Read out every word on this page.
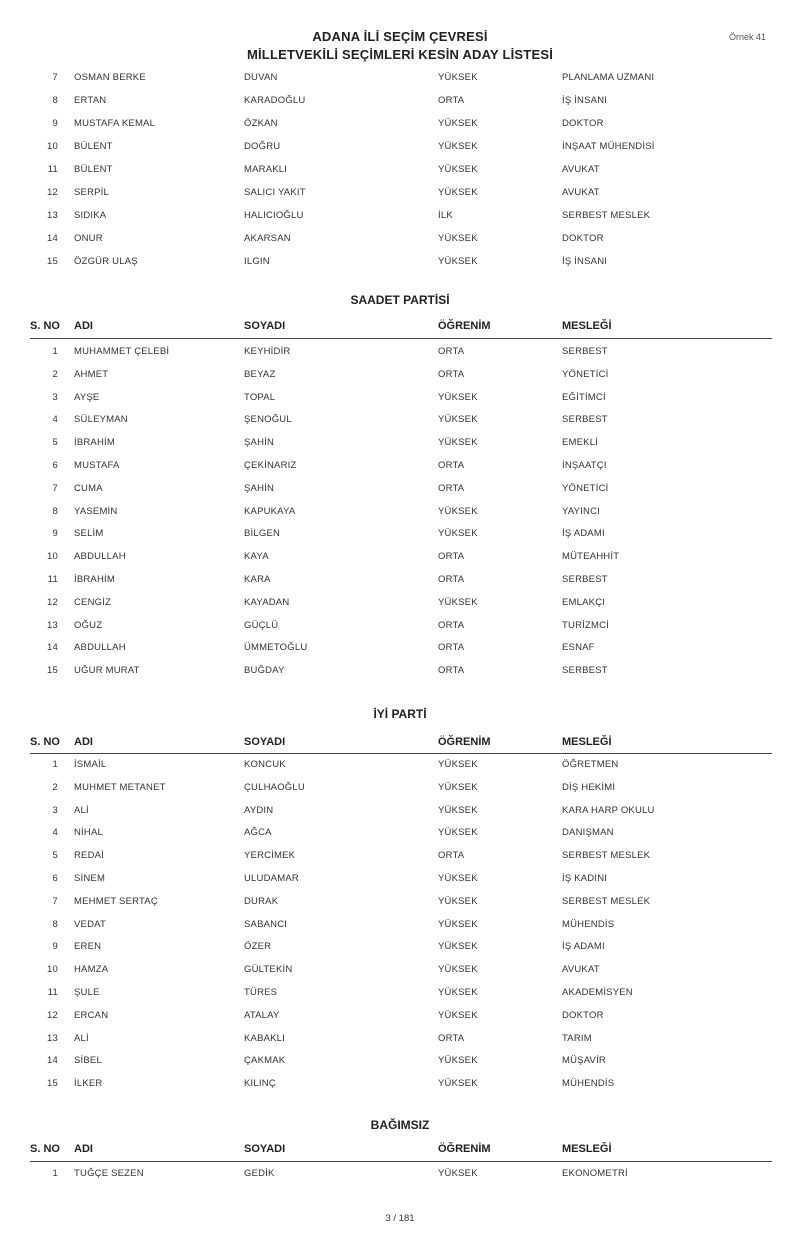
ADANA İLİ SEÇİM ÇEVRESİ
MİLLETVEKİLİ SEÇİMLERİ KESİN ADAY LİSTESİ
Örnek 41
7 OSMAN BERKE	DUVAN	YÜKSEK	PLANLAMA UZMANI
8 ERTAN	KARADOĞLU	ORTA	İŞ İNSANI
9 MUSTAFA KEMAL	ÖZKAN	YÜKSEK	DOKTOR
10 BÜLENT	DOĞRU	YÜKSEK	İNŞAAT MÜHENDİSİ
11 BÜLENT	MARAKLI	YÜKSEK	AVUKAT
12 SERPİL	SALICI YAKIT	YÜKSEK	AVUKAT
13 SIDIKA	HALICIOĞLU	İLK	SERBEST MESLEK
14 ONUR	AKARSAN	YÜKSEK	DOKTOR
15 ÖZGÜR ULAŞ	ILGIN	YÜKSEK	İŞ İNSANI
SAADET PARTİSİ
S. NO ADI	SOYADI	ÖĞRENİM	MESLEĞİ
1 MUHAMMET ÇELEBİ	KEYHİDİR	ORTA	SERBEST
2 AHMET	BEYAZ	ORTA	YÖNETİCİ
3 AYŞE	TOPAL	YÜKSEK	EĞİTİMCİ
4 SÜLEYMAN	ŞENOĞUL	YÜKSEK	SERBEST
5 İBRAHİM	ŞAHİN	YÜKSEK	EMEKLİ
6 MUSTAFA	ÇEKİNARIZ	ORTA	İNŞAATÇI
7 CUMA	ŞAHİN	ORTA	YÖNETİCİ
8 YASEMİN	KAPUKAYA	YÜKSEK	YAYINCI
9 SELİM	BİLGEN	YÜKSEK	İŞ ADAMI
10 ABDULLAH	KAYA	ORTA	MÜTEAHHİT
11 İBRAHİM	KARA	ORTA	SERBEST
12 CENGİZ	KAYADAN	YÜKSEK	EMLAKÇI
13 OĞUZ	GÜÇLÜ	ORTA	TURİZMCİ
14 ABDULLAH	ÜMMETOĞLU	ORTA	ESNAF
15 UĞUR MURAT	BUĞDAY	ORTA	SERBEST
İYİ PARTİ
S. NO ADI	SOYADI	ÖĞRENİM	MESLEĞİ
1 İSMAİL	KONCUK	YÜKSEK	ÖĞRETMEN
2 MUHMET METANET	ÇULHAOĞLU	YÜKSEK	DİŞ HEKİMİ
3 ALİ	AYDIN	YÜKSEK	KARA HARP OKULU
4 NİHAL	AĞCA	YÜKSEK	DANIŞMAN
5 REDAİ	YERCİMEK	ORTA	SERBEST MESLEK
6 SİNEM	ULUDAMAR	YÜKSEK	İŞ KADINI
7 MEHMET SERTAÇ	DURAK	YÜKSEK	SERBEST MESLEK
8 VEDAT	SABANCI	YÜKSEK	MÜHENDİS
9 EREN	ÖZER	YÜKSEK	İŞ ADAMI
10 HAMZA	GÜLTEKİN	YÜKSEK	AVUKAT
11 ŞULE	TÜRES	YÜKSEK	AKADEMİSYEN
12 ERCAN	ATALAY	YÜKSEK	DOKTOR
13 ALİ	KABAKLI	ORTA	TARIM
14 SİBEL	ÇAKMAK	YÜKSEK	MÜŞAVİR
15 İLKER	KILINÇ	YÜKSEK	MÜHENDİS
BAĞIMSIZ
S. NO ADI	SOYADI	ÖĞRENİM	MESLEĞİ
1 TUĞÇE SEZEN	GEDİK	YÜKSEK	EKONOMETRİ
3 / 181
